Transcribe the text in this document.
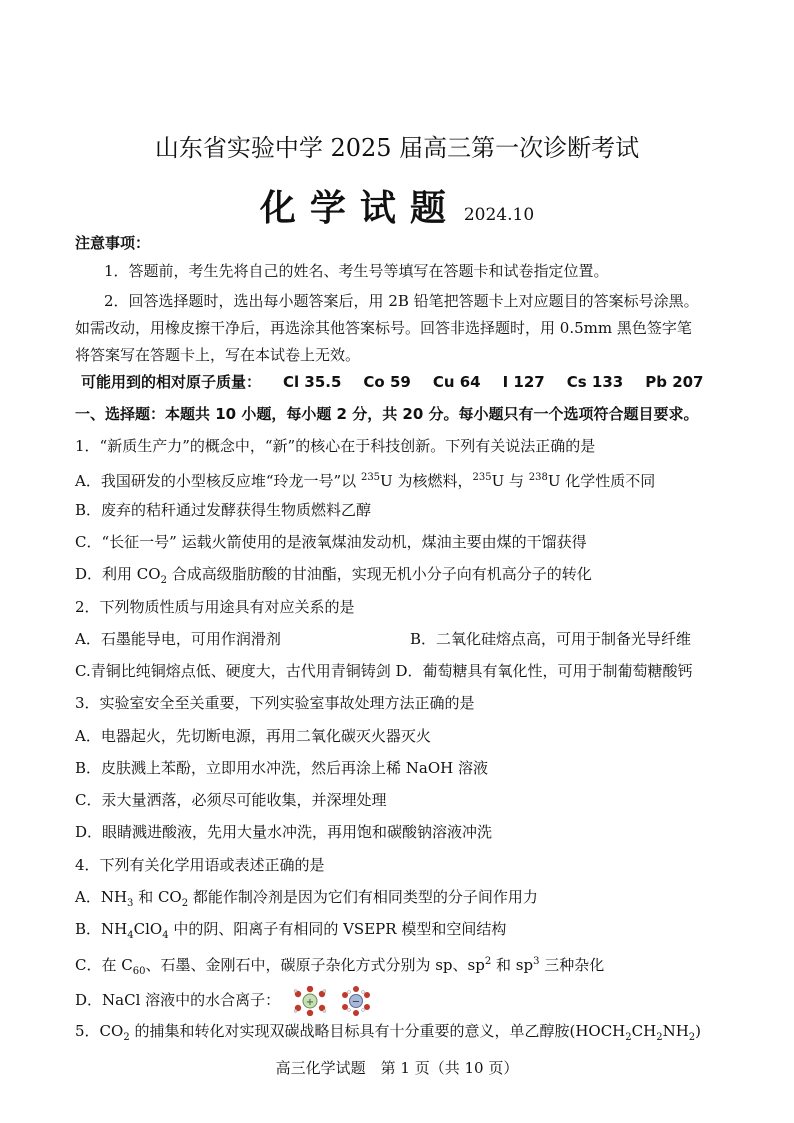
山东省实验中学 2025 届高三第一次诊断考试
化学试题 2024.10
注意事项：
1．答题前，考生先将自己的姓名、考生号等填写在答题卡和试卷指定位置。
2．回答选择题时，选出每小题答案后，用 2B 铅笔把答题卡上对应题目的答案标号涂黑。
如需改动，用橡皮擦干净后，再选涂其他答案标号。回答非选择题时，用 0.5mm 黑色签字笔
将答案写在答题卡上，写在本试卷上无效。
可能用到的相对原子质量： Cl 35.5 Co 59 Cu 64 I 127 Cs 133 Pb 207
一、选择题：本题共 10 小题，每小题 2 分，共 20 分。每小题只有一个选项符合题目要求。
1．“新质生产力”的概念中，“新”的核心在于科技创新。下列有关说法正确的是
A．我国研发的小型核反应堆“玲龙一号”以 $^{235}$U 为核燃料，$^{235}$U 与 $^{238}$U 化学性质不同
B．废弃的秸秆通过发酵获得生物质燃料乙醇
C．“长征一号” 运载火箭使用的是液氧煤油发动机，煤油主要由煤的干馏获得
D．利用 $CO_2$ 合成高级脂肪酸的甘油酯，实现无机小分子向有机高分子的转化
2．下列物质性质与用途具有对应关系的是
A．石墨能导电，可用作润滑剂	B．二氧化硅熔点高，可用于制备光导纤维
C.青铜比纯铜熔点低、硬度大，古代用青铜铸剑 D．葡萄糖具有氧化性，可用于制葡萄糖酸钙
3．实验室安全至关重要，下列实验室事故处理方法正确的是
A．电器起火，先切断电源，再用二氧化碳灭火器灭火
B．皮肤溅上苯酚，立即用水冲洗，然后再涂上稀 NaOH 溶液
C．汞大量洒落，必须尽可能收集，并深埋处理
D．眼睛溅进酸液，先用大量水冲洗，再用饱和碳酸钠溶液冲洗
4．下列有关化学用语或表述正确的是
A．$NH_3$ 和 $CO_2$ 都能作制冷剂是因为它们有相同类型的分子间作用力
B．$NH_4ClO_4$ 中的阴、阳离子有相同的 VSEPR 模型和空间结构
C．在 $C_{60}$、石墨、金刚石中，碳原子杂化方式分别为 sp、$sp^2$ 和 $sp^3$ 三种杂化
D．NaCl 溶液中的水合离子：	+
	−
5．$CO_2$ 的捕集和转化对实现双碳战略目标具有十分重要的意义，单乙醇胺$(HOCH_2CH_2NH_2)$
高三化学试题　第 1 页（共 10 页）
